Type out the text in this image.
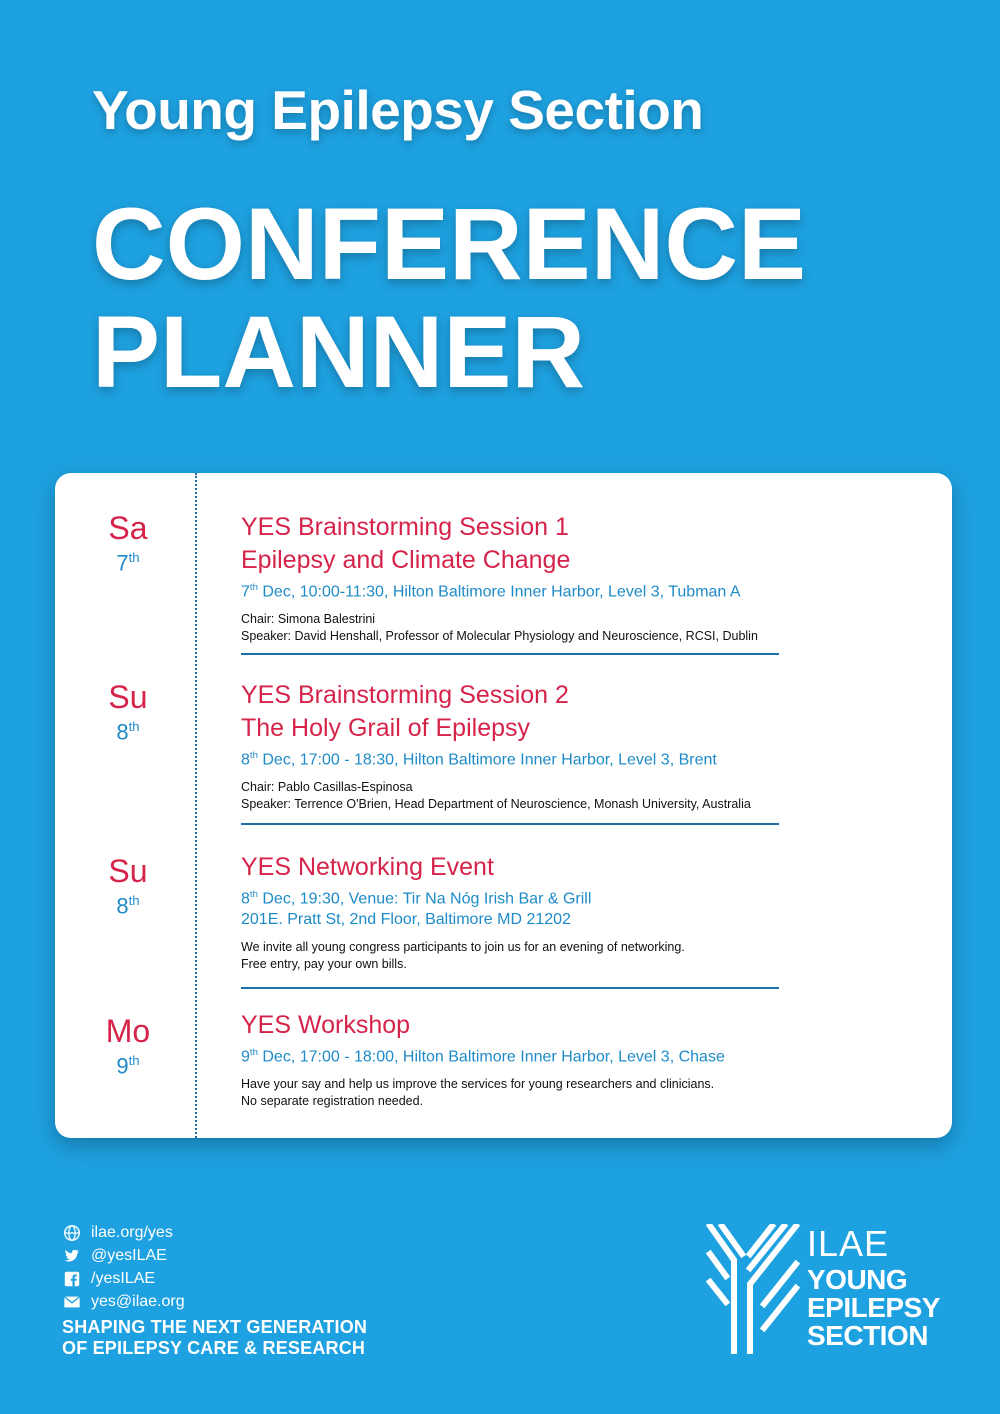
Young Epilepsy Section
CONFERENCE
PLANNER
Sa
7th
YES Brainstorming Session 1
Epilepsy and Climate Change
7th Dec, 10:00-11:30, Hilton Baltimore Inner Harbor, Level 3, Tubman A
Chair: Simona Balestrini
Speaker: David Henshall, Professor of Molecular Physiology and Neuroscience, RCSI, Dublin
Su
8th
YES Brainstorming Session 2
The Holy Grail of Epilepsy
8th Dec, 17:00 - 18:30, Hilton Baltimore Inner Harbor, Level 3, Brent
Chair: Pablo Casillas-Espinosa
Speaker: Terrence O'Brien, Head Department of Neuroscience, Monash University, Australia
Su
8th
YES Networking Event
8th Dec, 19:30, Venue: Tir Na Nóg Irish Bar & Grill
201E. Pratt St, 2nd Floor, Baltimore MD 21202
We invite all young congress participants to join us for an evening of networking.
Free entry, pay your own bills.
Mo
9th
YES Workshop
9th Dec, 17:00 - 18:00, Hilton Baltimore Inner Harbor, Level 3, Chase
Have your say and help us improve the services for young researchers and clinicians.
No separate registration needed.
ilae.org/yes
@yesILAE
/yesILAE
yes@ilae.org
SHAPING THE NEXT GENERATION
OF EPILEPSY CARE & RESEARCH
ILAE
YOUNG
EPILEPSY
SECTION
